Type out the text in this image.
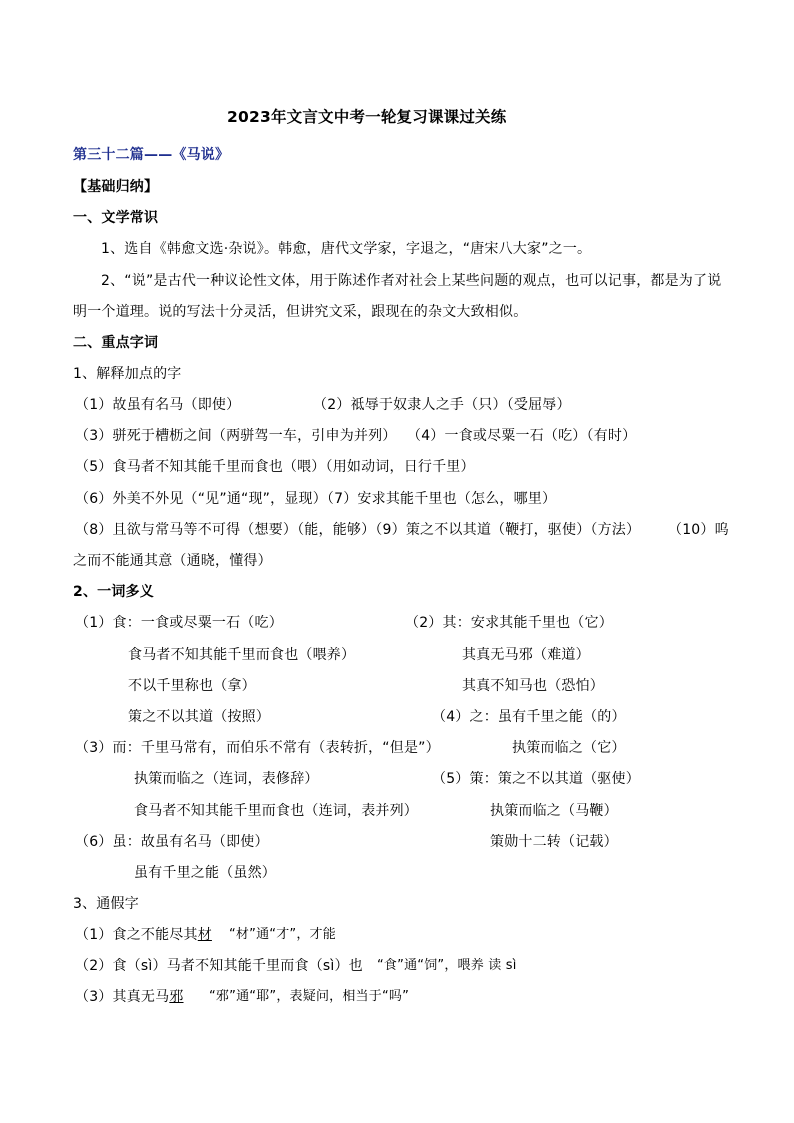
2023年文言文中考一轮复习课课过关练
第三十二篇——《马说》
【基础归纳】
一、文学常识
1、选自《韩愈文选·杂说》。韩愈，唐代文学家，字退之，“唐宋八大家”之一。
2、“说”是古代一种议论性文体，用于陈述作者对社会上某些问题的观点，也可以记事，都是为了说
明一个道理。说的写法十分灵活，但讲究文采，跟现在的杂文大致相似。
二、重点字词
1、解释加点的字
（1）故虽有名马（即使）	（2）祗辱于奴隶人之手（只）（受屈辱）
（3）骈死于槽枥之间（两骈驾一车，引申为并列） （4）一食或尽粟一石（吃）（有时）
（5）食马者不知其能千里而食也（喂）（用如动词，日行千里）
（6）外美不外见（“见”通“现”，显现）（7）安求其能千里也（怎么，哪里）
（8）且欲与常马等不可得（想要）（能，能够）（9）策之不以其道（鞭打，驱使）（方法） （10）呜
之而不能通其意（通晓，懂得）
2、一词多义
（1）食：一食或尽粟一石（吃）	（2）其：安求其能千里也（它）
食马者不知其能千里而食也（喂养）	其真无马邪（难道）
不以千里称也（拿）	其真不知马也（恐怕）
策之不以其道（按照）	（4）之：虽有千里之能（的）
（3）而：千里马常有，而伯乐不常有（表转折，“但是”）	执策而临之（它）
执策而临之（连词，表修辞）	（5）策：策之不以其道（驱使）
食马者不知其能千里而食也（连词，表并列）	执策而临之（马鞭）
（6）虽：故虽有名马（即使）	策勋十二转（记载）
虽有千里之能（虽然）
3、通假字
（1）食之不能尽其材 “材”通“才”，才能
（2）食（sì）马者不知其能千里而食（sì）也 “食”通“饲”，喂养 读 sì
（3）其真无马邪 “邪”通“耶”，表疑问，相当于“吗”
